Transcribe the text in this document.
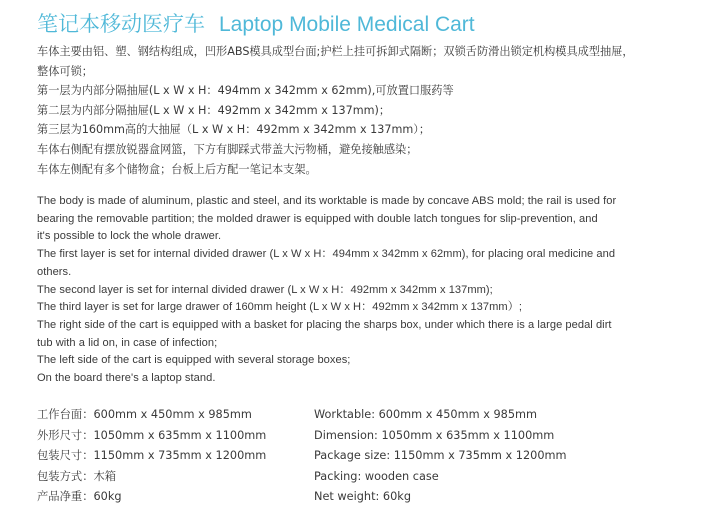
笔记本移动医疗车 Laptop Mobile Medical Cart
车体主要由铝、塑、钢结构组成，凹形ABS模具成型台面;护栏上挂可拆卸式隔断；双锁舌防滑出锁定机构模具成型抽屉，
整体可锁；
第一层为内部分隔抽屉(L x W x H：494mm x 342mm x 62mm),可放置口服药等
第二层为内部分隔抽屉(L x W x H：492mm x 342mm x 137mm)；
第三层为160mm高的大抽屉（L x W x H：492mm x 342mm x 137mm）；
车体右侧配有摆放锐器盒网篮，下方有脚踩式带盖大污物桶，避免接触感染；
车体左侧配有多个储物盒；台板上后方配一笔记本支架。
The body is made of aluminum, plastic and steel, and its worktable is made by concave ABS mold; the rail is used for
bearing the removable partition; the molded drawer is equipped with double latch tongues for slip-prevention, and
it's possible to lock the whole drawer.
The first layer is set for internal divided drawer (L x W x H：494mm x 342mm x 62mm), for placing oral medicine and
others.
The second layer is set for internal divided drawer (L x W x H：492mm x 342mm x 137mm);
The third layer is set for large drawer of 160mm height (L x W x H：492mm x 342mm x 137mm）;
The right side of the cart is equipped with a basket for placing the sharps box, under which there is a large pedal dirt
tub with a lid on, in case of infection;
The left side of the cart is equipped with several storage boxes;
On the board there's a laptop stand.
工作台面：600mm x 450mm x 985mm
外形尺寸：1050mm x 635mm x 1100mm
包装尺寸：1150mm x 735mm x 1200mm
包装方式：木箱
产品净重：60kg
Worktable: 600mm x 450mm x 985mm
Dimension: 1050mm x 635mm x 1100mm
Package size: 1150mm x 735mm x 1200mm
Packing: wooden case
Net weight: 60kg
